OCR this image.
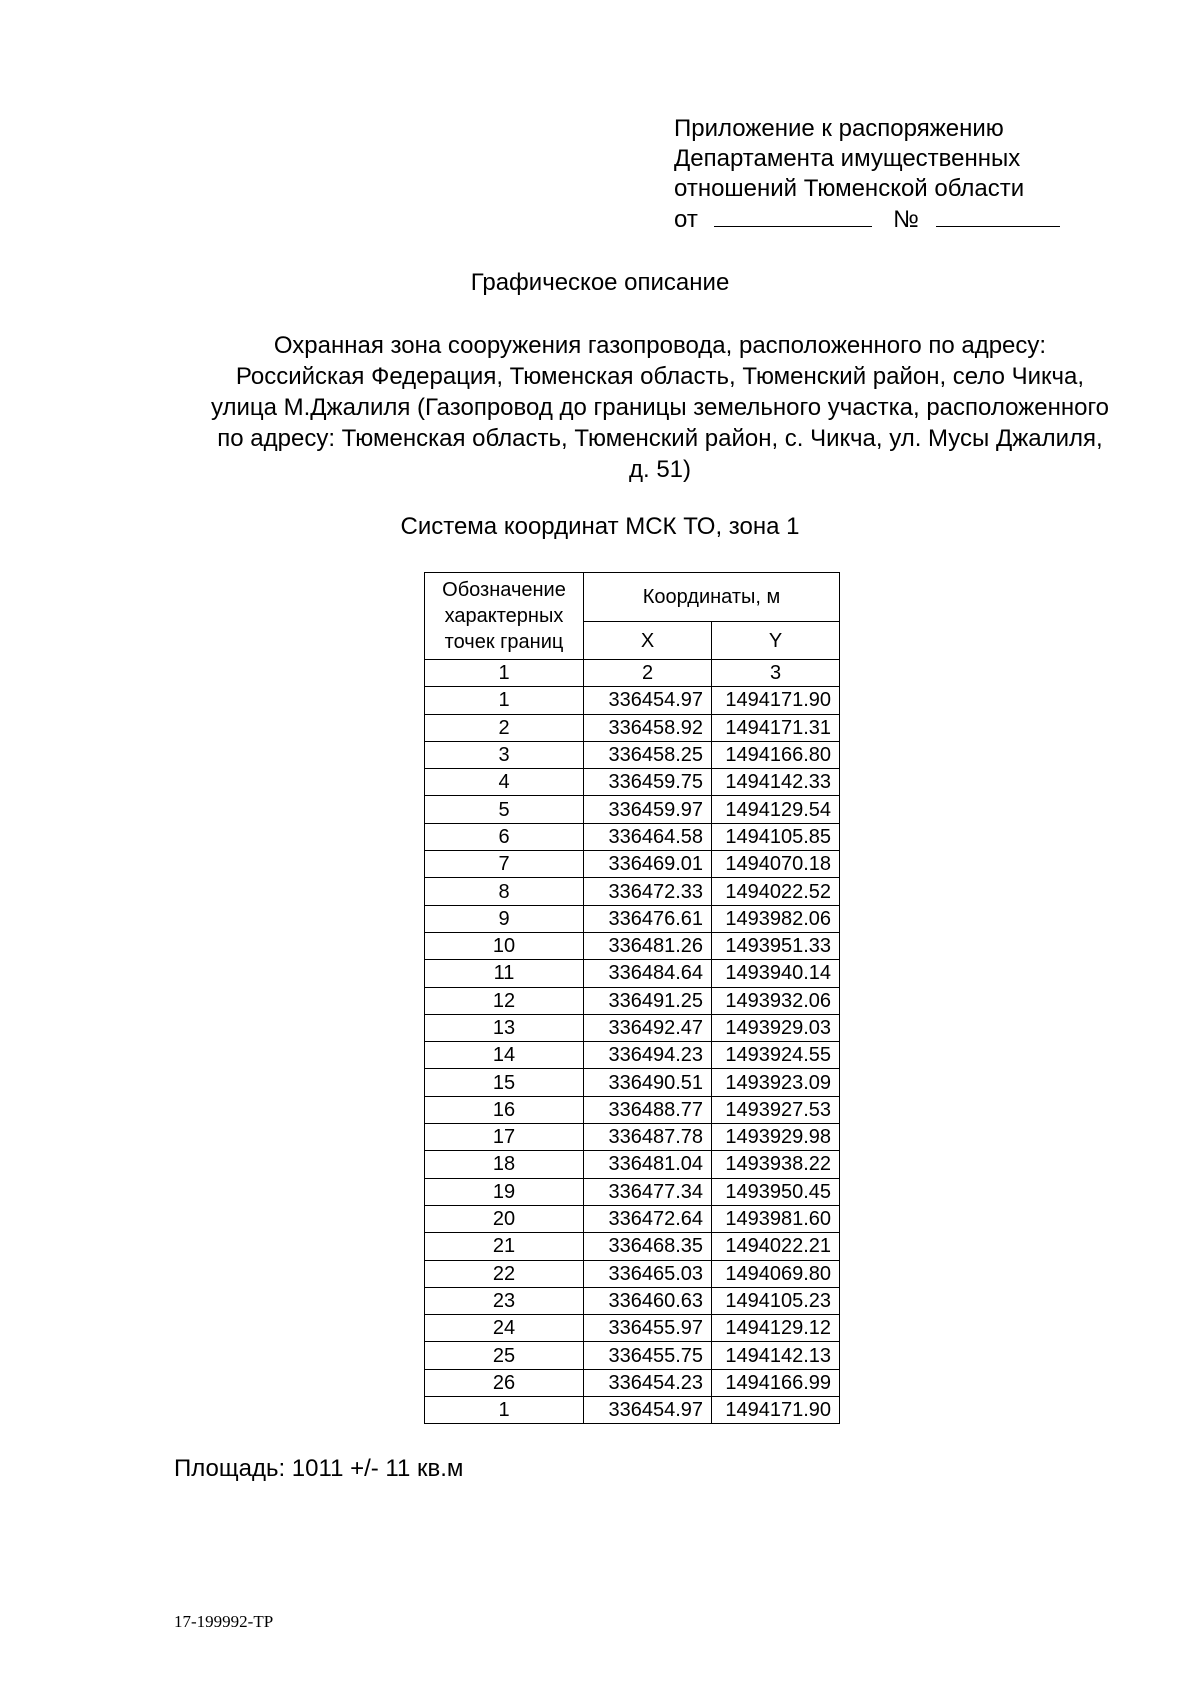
Приложение к распоряжению
Департамента имущественных
отношений Тюменской области
от	№
Графическое описание
Охранная зона сооружения газопровода, расположенного по адресу:
Российская Федерация, Тюменская область, Тюменский район, село Чикча,
улица М.Джалиля (Газопровод до границы земельного участка, расположенного
по адресу: Тюменская область, Тюменский район, с. Чикча, ул. Мусы Джалиля,
д. 51)
Система координат МСК ТО, зона 1
Обозначение характерных точек границ	Координаты, м	
	X	Y
1	2	3
1	336454.97	1494171.90
2	336458.92	1494171.31
3	336458.25	1494166.80
4	336459.75	1494142.33
5	336459.97	1494129.54
6	336464.58	1494105.85
7	336469.01	1494070.18
8	336472.33	1494022.52
9	336476.61	1493982.06
10	336481.26	1493951.33
11	336484.64	1493940.14
12	336491.25	1493932.06
13	336492.47	1493929.03
14	336494.23	1493924.55
15	336490.51	1493923.09
16	336488.77	1493927.53
17	336487.78	1493929.98
18	336481.04	1493938.22
19	336477.34	1493950.45
20	336472.64	1493981.60
21	336468.35	1494022.21
22	336465.03	1494069.80
23	336460.63	1494105.23
24	336455.97	1494129.12
25	336455.75	1494142.13
26	336454.23	1494166.99
1	336454.97	1494171.90
Площадь: 1011 +/- 11 кв.м
17-199992-ТР
